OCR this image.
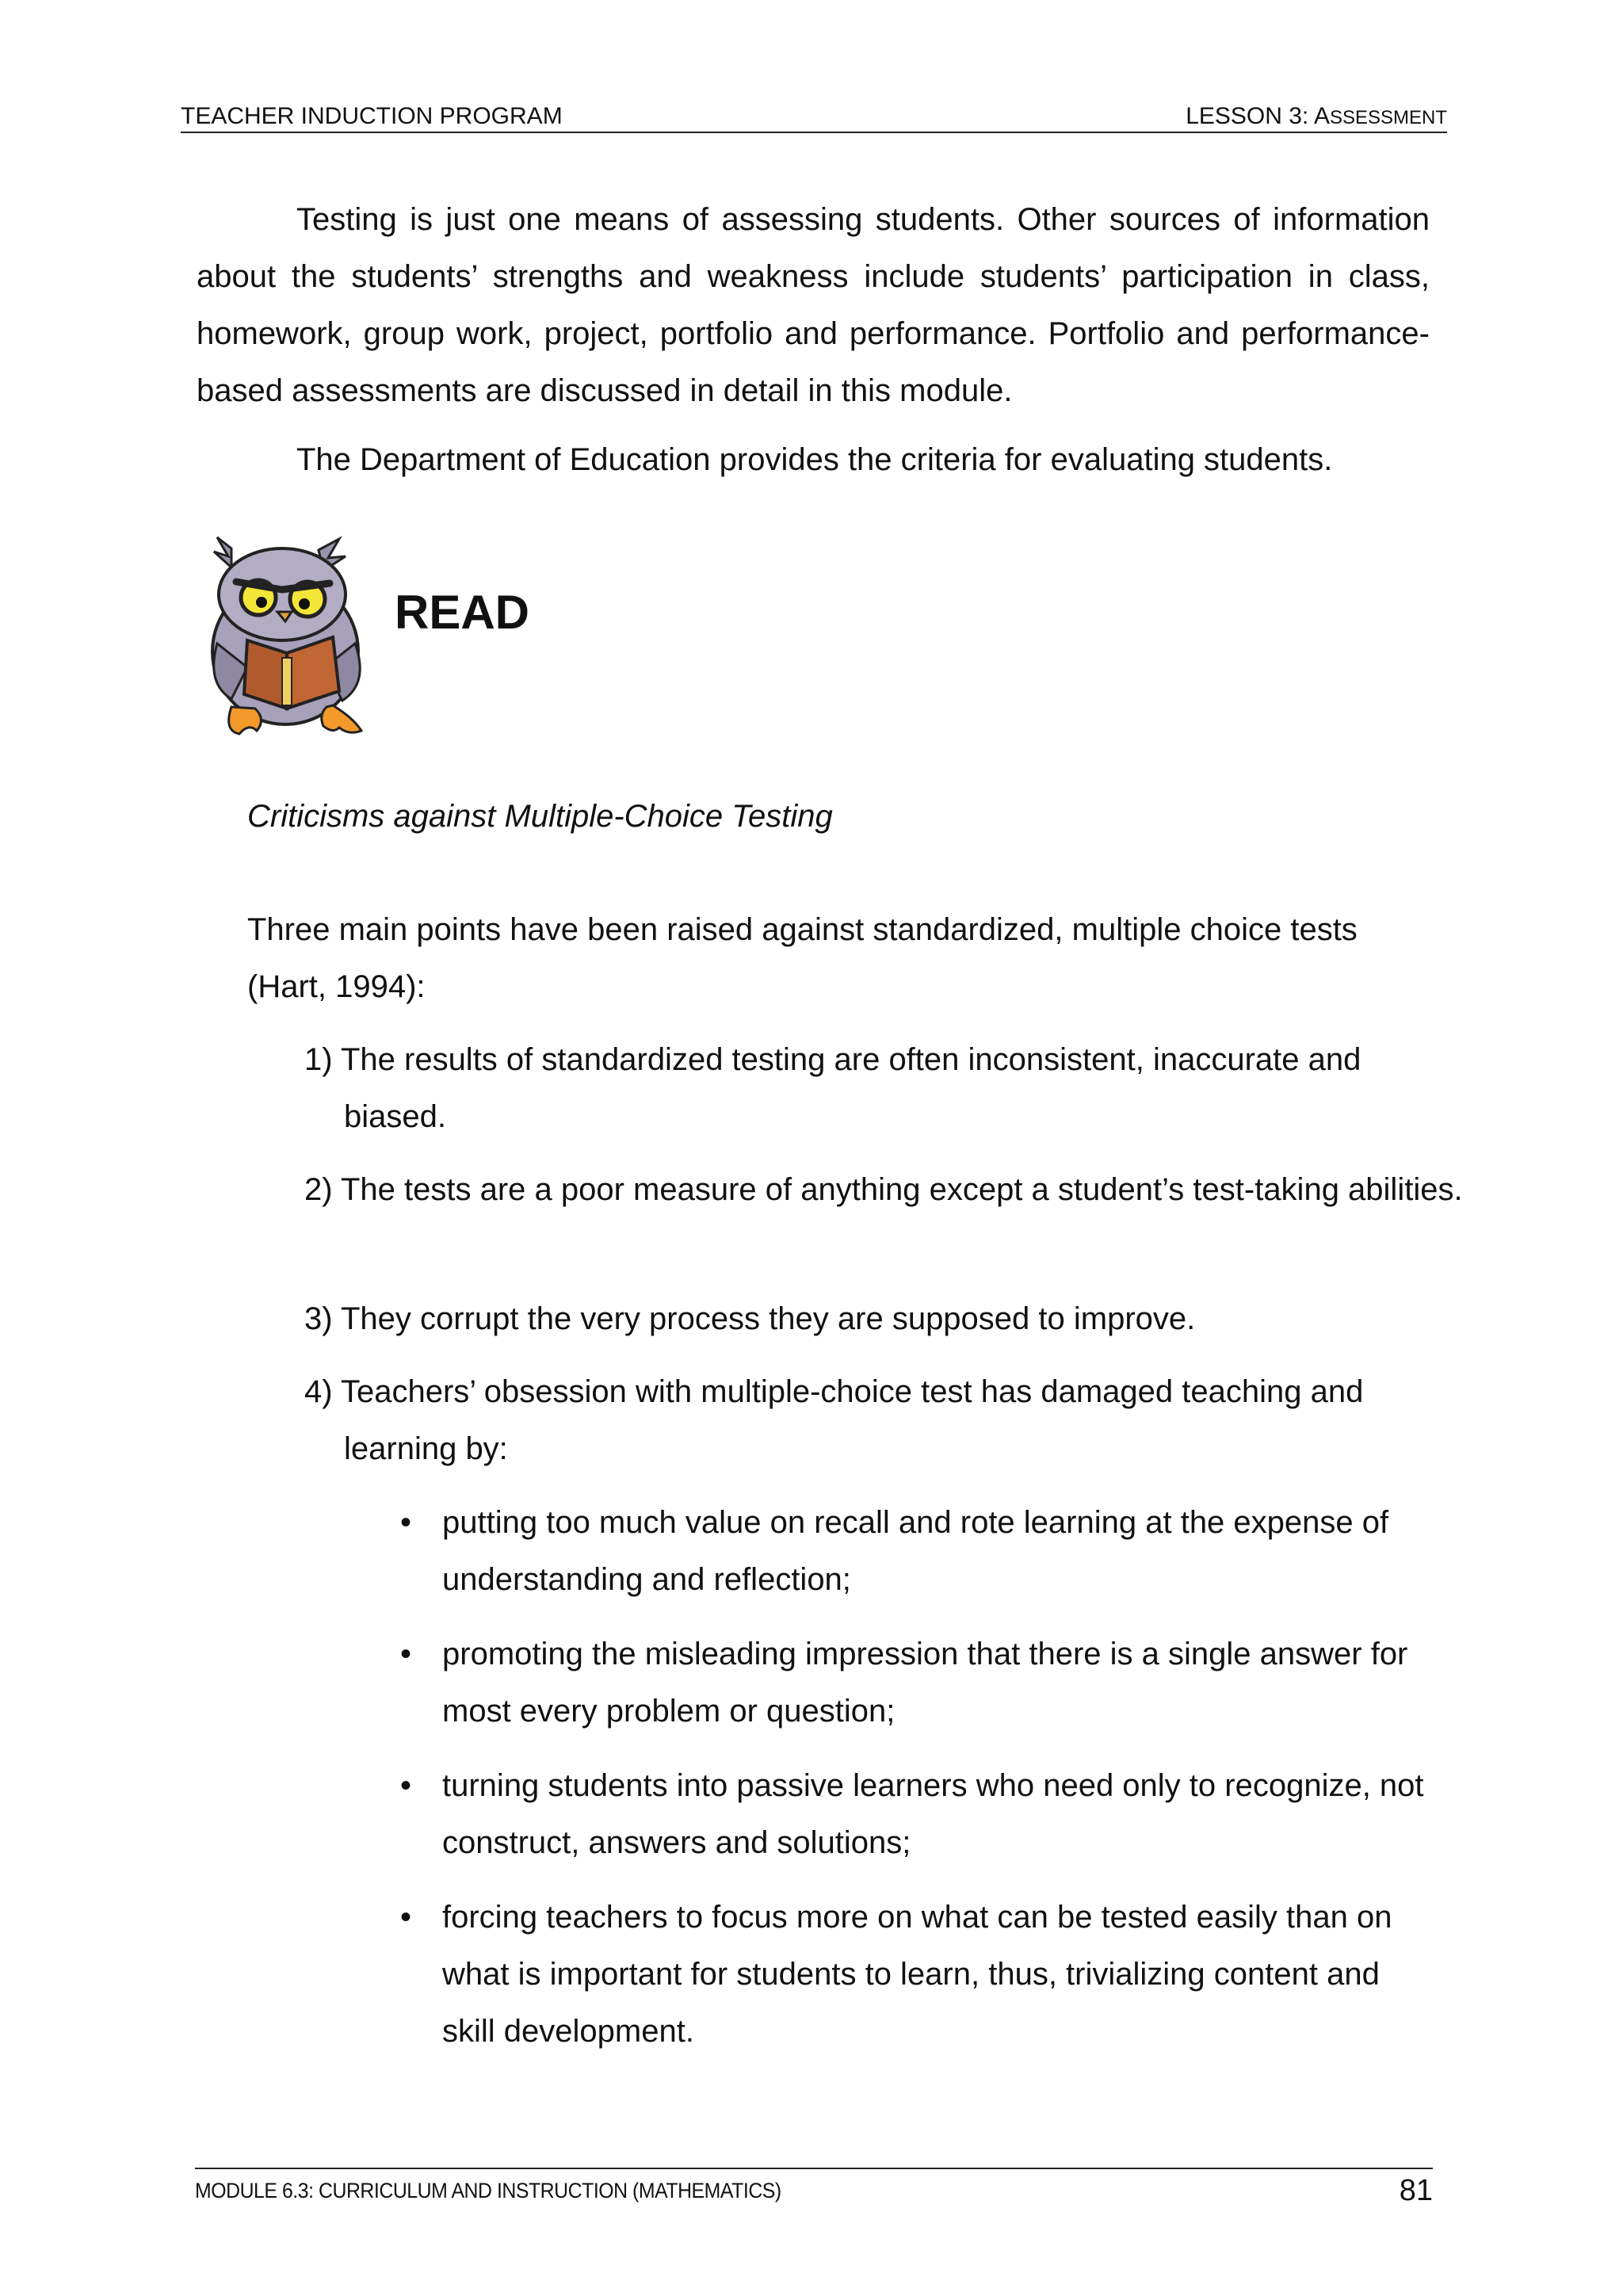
TEACHER INDUCTION PROGRAM	LESSON 3: ASSESSMENT
Testing is just one means of assessing students. Other sources of information about the students’ strengths and weakness include students’ participation in class, homework, group work, project, portfolio and performance. Portfolio and performance-based assessments are discussed in detail in this module.
The Department of Education provides the criteria for evaluating students.
READ
Criticisms against Multiple-Choice Testing
Three main points have been raised against standardized, multiple choice tests (Hart, 1994):
1) The results of standardized testing are often inconsistent, inaccurate and biased.
2) The tests are a poor measure of anything except a student’s test-taking abilities.
3) They corrupt the very process they are supposed to improve.
4) Teachers’ obsession with multiple-choice test has damaged teaching and learning by:
• putting too much value on recall and rote learning at the expense of understanding and reflection;
• promoting the misleading impression that there is a single answer for most every problem or question;
• turning students into passive learners who need only to recognize, not construct, answers and solutions;
• forcing teachers to focus more on what can be tested easily than on what is important for students to learn, thus, trivializing content and skill development.
MODULE 6.3: CURRICULUM AND INSTRUCTION (MATHEMATICS)	81
